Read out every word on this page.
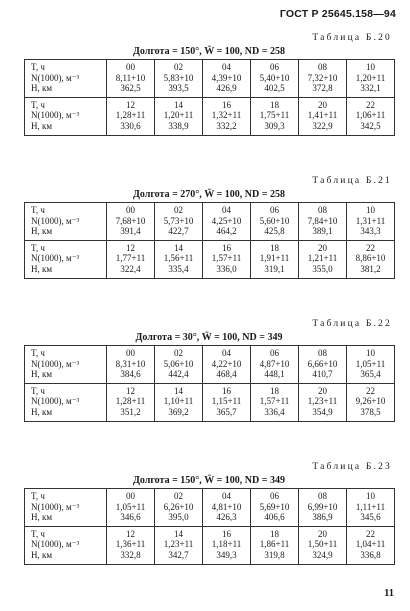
ГОСТ Р 25645.158—94
Таблица Б.20
Долгота = 150°, W̄ = 100, ND = 258
T, ч
N(1000), м⁻³
H, км	00
8,11+10
362,5	02
5,83+10
393,5	04
4,39+10
426,9	06
5,40+10
402,5	08
7,32+10
372,8	10
1,20+11
332,1

T, ч
N(1000), м⁻³
H, км	12
1,28+11
330,6	14
1,20+11
338,9	16
1,32+11
332,2	18
1,75+11
309,3	20
1,41+11
322,9	22
1,06+11
342,5
Таблица Б.21
Долгота = 270°, W̄ = 100, ND = 258
T, ч
N(1000), м⁻³
H, км	00
7,68+10
391,4	02
5,73+10
422,7	04
4,25+10
464,2	06
5,60+10
425,8	08
7,84+10
389,1	10
1,31+11
343,3

T, ч
N(1000), м⁻³
H, км	12
1,77+11
322,4	14
1,56+11
335,4	16
1,57+11
336,0	18
1,91+11
319,1	20
1,21+11
355,0	22
8,86+10
381,2
Таблица Б.22
Долгота = 30°, W̄ = 100, ND = 349
T, ч
N(1000), м⁻³
H, км	00
8,31+10
384,6	02
5,06+10
442,4	04
4,22+10
468,4	06
4,87+10
448,1	08
6,66+10
410,7	10
1,05+11
365,4

T, ч
N(1000), м⁻³
H, км	12
1,28+11
351,2	14
1,10+11
369,2	16
1,15+11
365,7	18
1,57+11
336,4	20
1,23+11
354,9	22
9,26+10
378,5
Таблица Б.23
Долгота = 150°, W̄ = 100, ND = 349
T, ч
N(1000), м⁻³
H, км	00
1,05+11
346,6	02
6,26+10
395,0	04
4,81+10
426,3	06
5,69+10
406,6	08
6,99+10
386,9	10
1,11+11
345,6

T, ч
N(1000), м⁻³
H, км	12
1,36+11
332,8	14
1,23+11
342,7	16
1,18+11
349,3	18
1,86+11
319,8	20
1,50+11
324,9	22
1,04+11
336,8
11
